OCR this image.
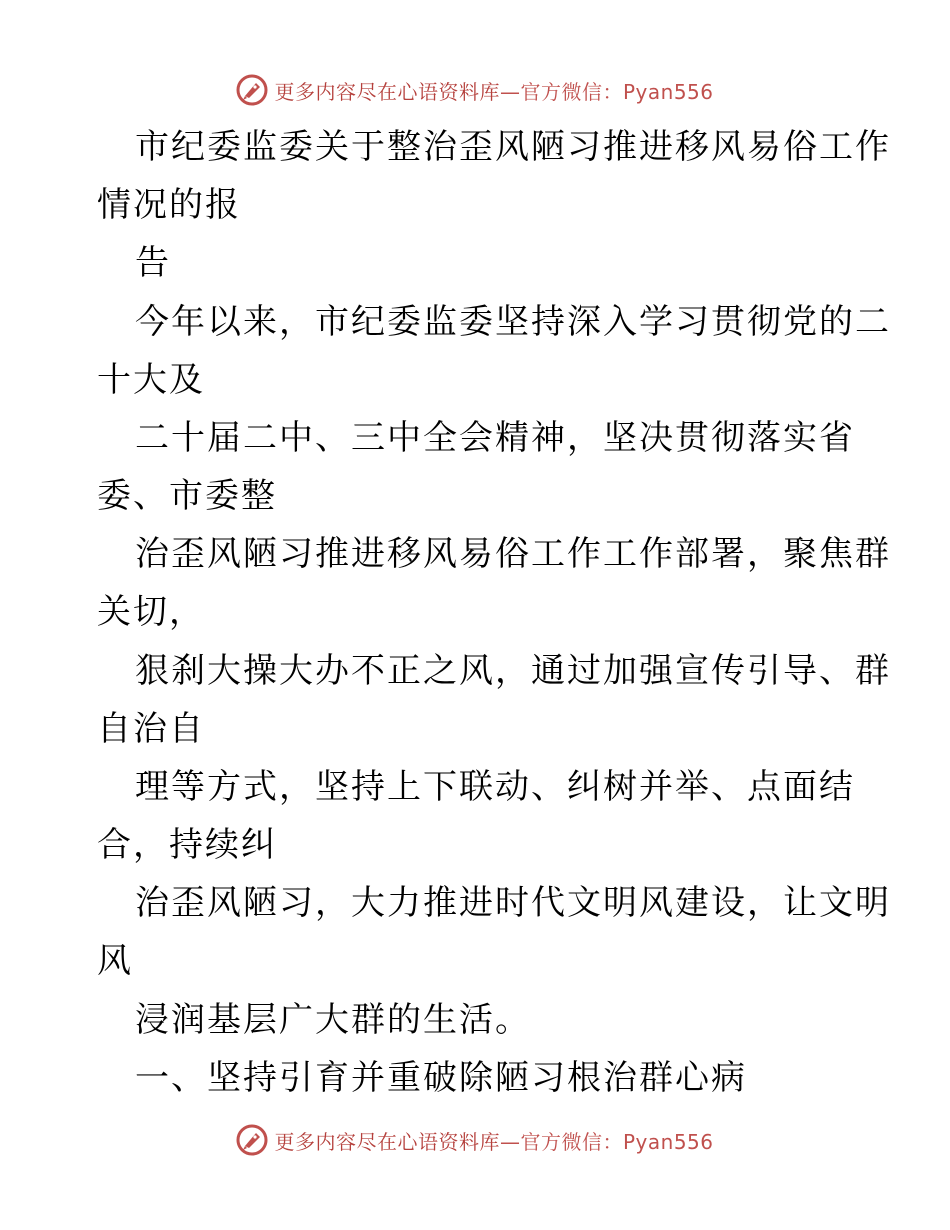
更多内容尽在心语资料库—官方微信：Pyan556
市纪委监委关于整治歪风陋习推进移风易俗工作
情况的报
告
今年以来，市纪委监委坚持深入学习贯彻党的二
十大及
二十届二中、三中全会精神，坚决贯彻落实省
委、市委整
治歪风陋习推进移风易俗工作工作部署，聚焦群
关切，
狠刹大操大办不正之风，通过加强宣传引导、群
自治自
理等方式，坚持上下联动、纠树并举、点面结
合，持续纠
治歪风陋习，大力推进时代文明风建设，让文明
风
浸润基层广大群的生活。
一、坚持引育并重破除陋习根治群心病
更多内容尽在心语资料库—官方微信：Pyan556
